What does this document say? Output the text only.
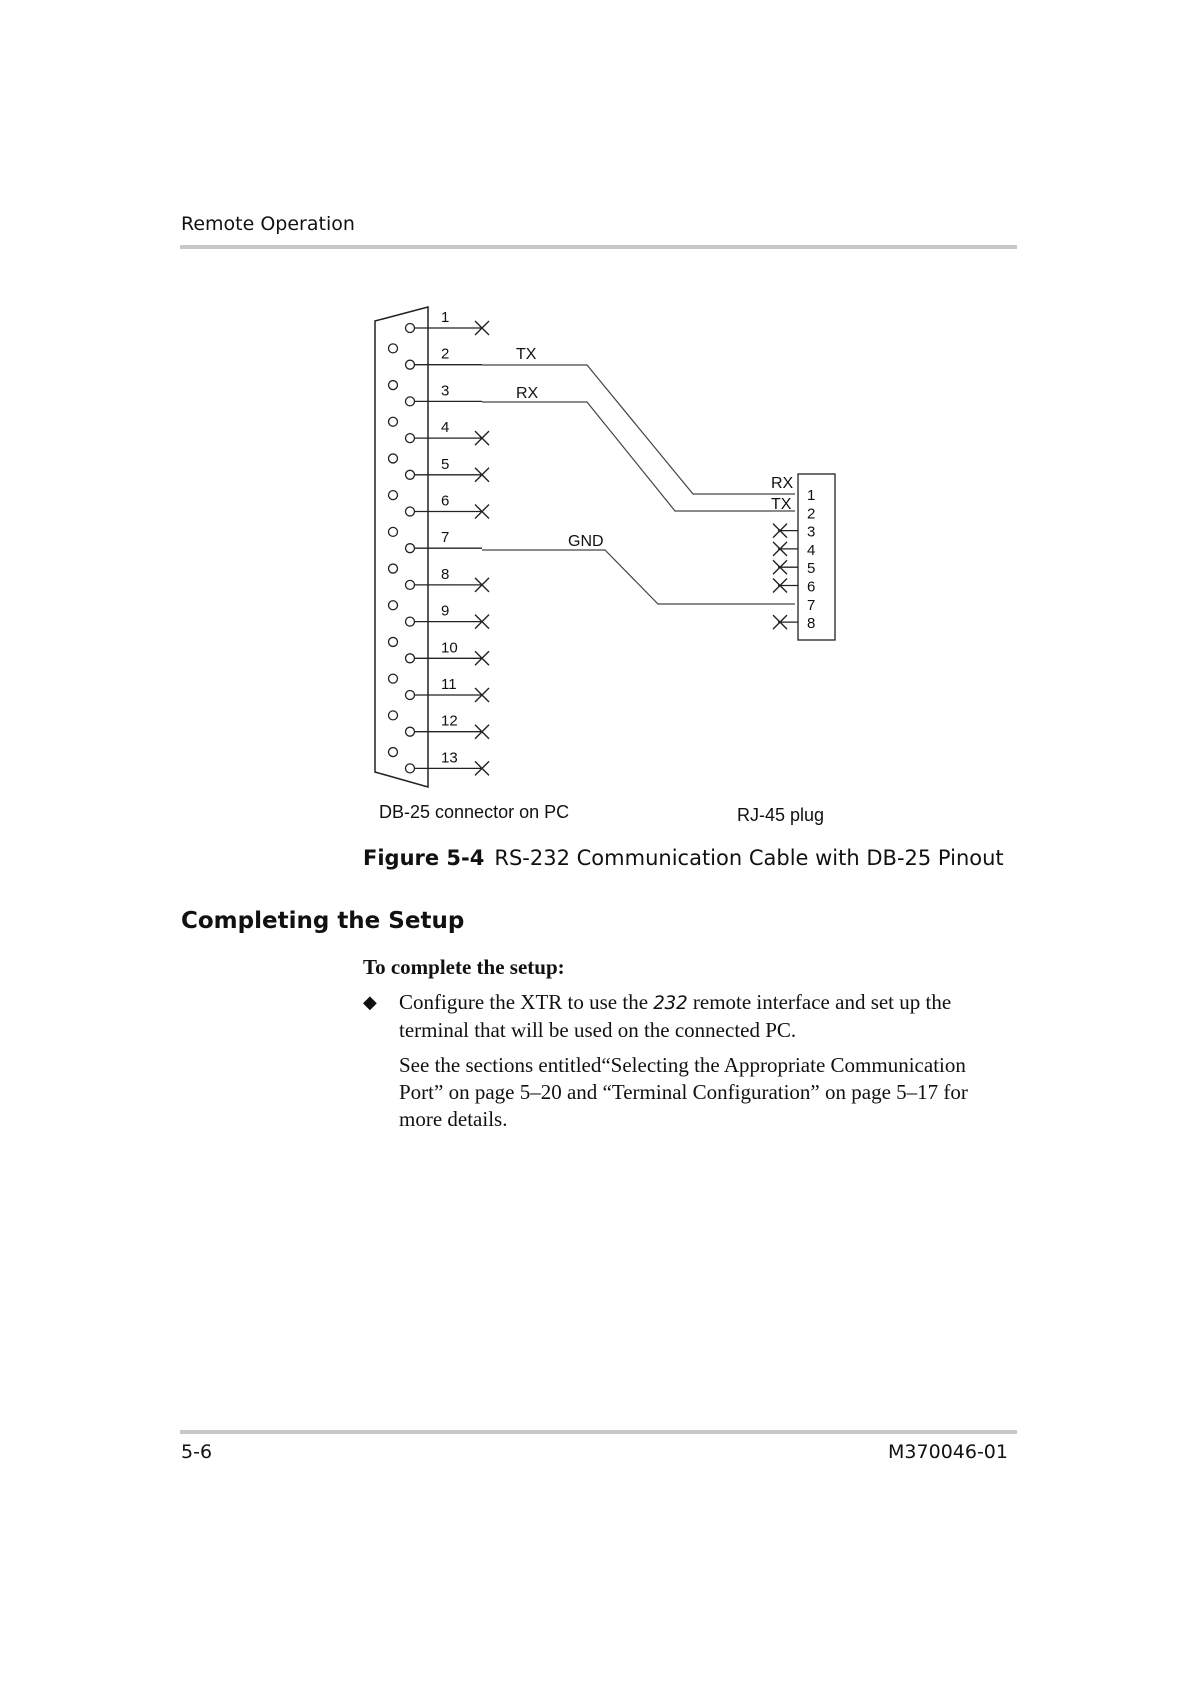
Remote Operation
1
2
3
4
5
6
7
8
9
10
11
12
13
TX
RX
GND
1
2
3
4
5
6
7
8
RX
TX
DB-25 connector on PC	RJ-45 plug
Figure 5-4 RS-232 Communication Cable with DB-25 Pinout
Completing the Setup
To complete the setup:
◆ Configure the XTR to use the 232 remote interface and set up the terminal that will be used on the connected PC.
See the sections entitled“Selecting the Appropriate Communication Port” on page 5–20 and “Terminal Configuration” on page 5–17 for more details.
5-6	M370046-01
